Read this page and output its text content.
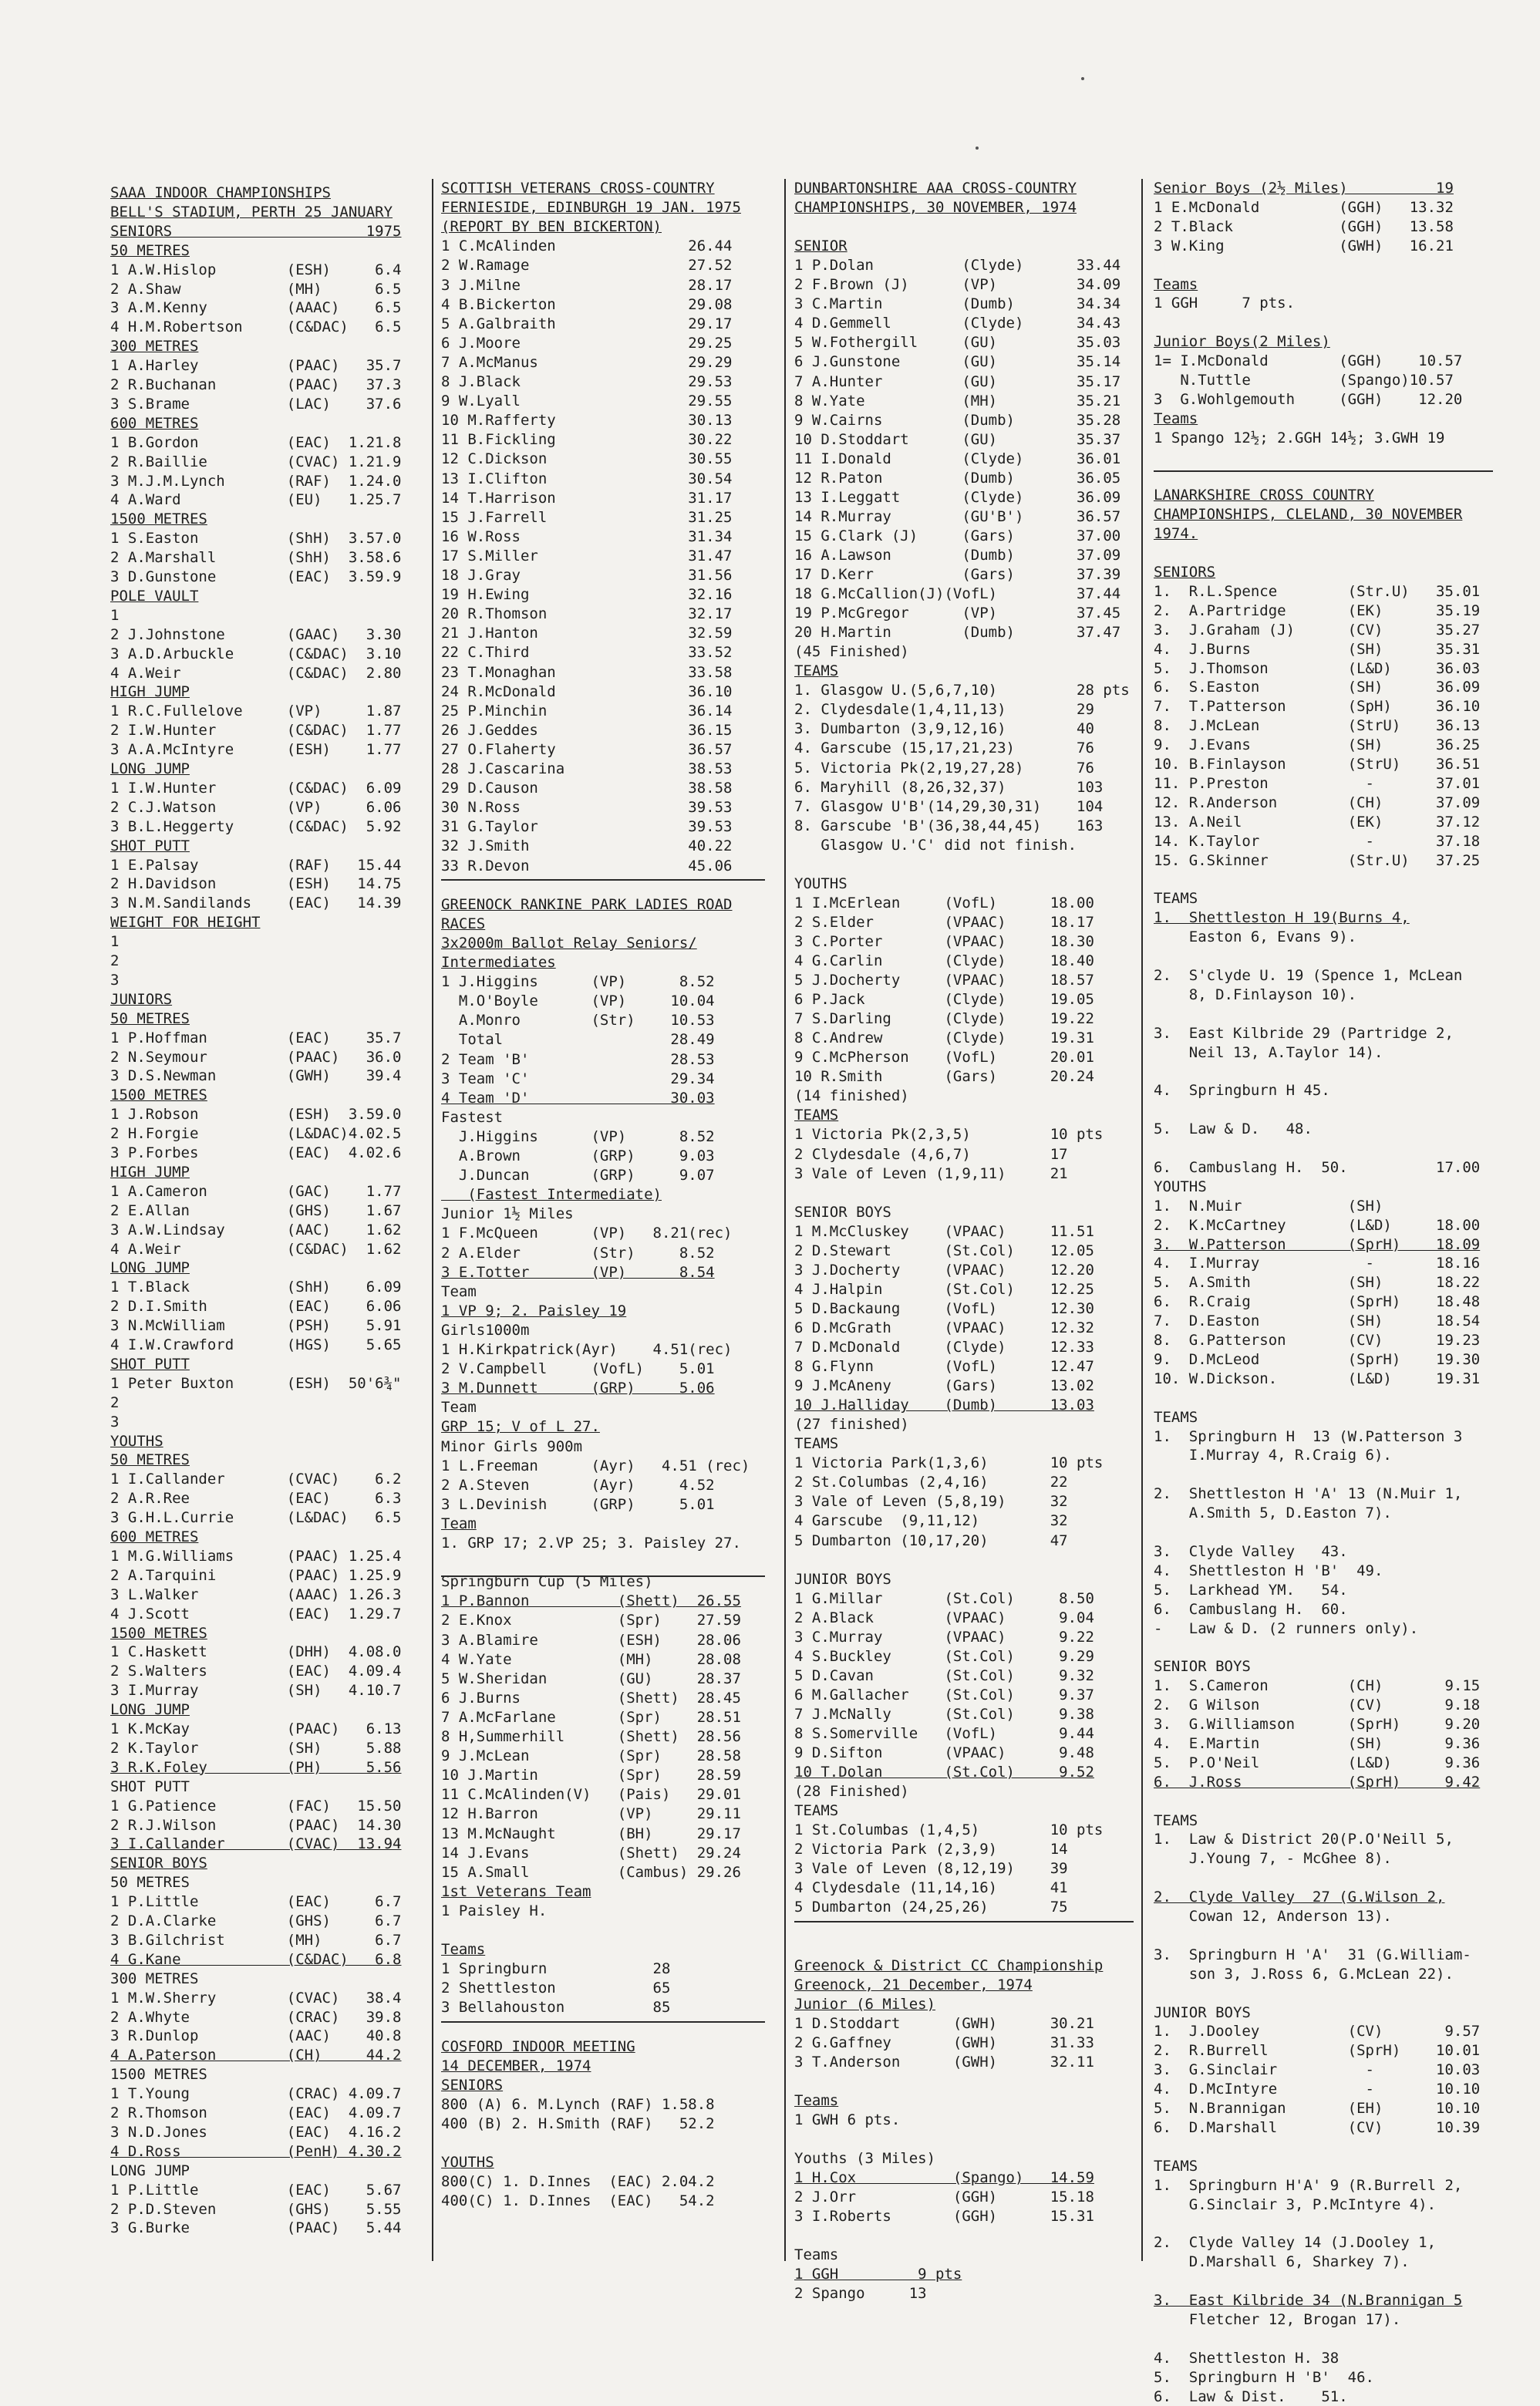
SAAA INDOOR CHAMPIONSHIPS
BELL'S STADIUM, PERTH 25 JANUARY
SENIORS                      1975
50 METRES
1 A.W.Hislop        (ESH)     6.4
2 A.Shaw            (MH)      6.5
3 A.M.Kenny         (AAAC)    6.5
4 H.M.Robertson     (C&DAC)   6.5
300 METRES
1 A.Harley          (PAAC)   35.7
2 R.Buchanan        (PAAC)   37.3
3 S.Brame           (LAC)    37.6
600 METRES
1 B.Gordon          (EAC)  1.21.8
2 R.Baillie         (CVAC) 1.21.9
3 M.J.M.Lynch       (RAF)  1.24.0
4 A.Ward            (EU)   1.25.7
1500 METRES
1 S.Easton          (ShH)  3.57.0
2 A.Marshall        (ShH)  3.58.6
3 D.Gunstone        (EAC)  3.59.9
POLE VAULT
1
2 J.Johnstone       (GAAC)   3.30
3 A.D.Arbuckle      (C&DAC)  3.10
4 A.Weir            (C&DAC)  2.80
HIGH JUMP
1 R.C.Fullelove     (VP)     1.87
2 I.W.Hunter        (C&DAC)  1.77
3 A.A.McIntyre      (ESH)    1.77
LONG JUMP
1 I.W.Hunter        (C&DAC)  6.09
2 C.J.Watson        (VP)     6.06
3 B.L.Heggerty      (C&DAC)  5.92
SHOT PUTT
1 E.Palsay          (RAF)   15.44
2 H.Davidson        (ESH)   14.75
3 N.M.Sandilands    (EAC)   14.39
WEIGHT FOR HEIGHT
1
2
3
JUNIORS
50 METRES
1 P.Hoffman         (EAC)    35.7
2 N.Seymour         (PAAC)   36.0
3 D.S.Newman        (GWH)    39.4
1500 METRES
1 J.Robson          (ESH)  3.59.0
2 H.Forgie          (L&DAC)4.02.5
3 P.Forbes          (EAC)  4.02.6
HIGH JUMP
1 A.Cameron         (GAC)    1.77
2 E.Allan           (GHS)    1.67
3 A.W.Lindsay       (AAC)    1.62
4 A.Weir            (C&DAC)  1.62
LONG JUMP
1 T.Black           (ShH)    6.09
2 D.I.Smith         (EAC)    6.06
3 N.McWilliam       (PSH)    5.91
4 I.W.Crawford      (HGS)    5.65
SHOT PUTT
1 Peter Buxton      (ESH)  50'6¾"
2
3
YOUTHS
50 METRES
1 I.Callander       (CVAC)    6.2
2 A.R.Ree           (EAC)     6.3
3 G.H.L.Currie      (L&DAC)   6.5
600 METRES
1 M.G.Williams      (PAAC) 1.25.4
2 A.Tarquini        (PAAC) 1.25.9
3 L.Walker          (AAAC) 1.26.3
4 J.Scott           (EAC)  1.29.7
1500 METRES
1 C.Haskett         (DHH)  4.08.0
2 S.Walters         (EAC)  4.09.4
3 I.Murray          (SH)   4.10.7
LONG JUMP
1 K.McKay           (PAAC)   6.13
2 K.Taylor          (SH)     5.88
3 R.K.Foley         (PH)     5.56
SHOT PUTT
1 G.Patience        (FAC)   15.50
2 R.J.Wilson        (PAAC)  14.30
3 I.Callander       (CVAC)  13.94
SENIOR BOYS
50 METRES
1 P.Little          (EAC)     6.7
2 D.A.Clarke        (GHS)     6.7
3 B.Gilchrist       (MH)      6.7
4 G.Kane            (C&DAC)   6.8
300 METRES
1 M.W.Sherry        (CVAC)   38.4
2 A.Whyte           (CRAC)   39.8
3 R.Dunlop          (AAC)    40.8
4 A.Paterson        (CH)     44.2
1500 METRES
1 T.Young           (CRAC) 4.09.7
2 R.Thomson         (EAC)  4.09.7
3 N.D.Jones         (EAC)  4.16.2
4 D.Ross            (PenH) 4.30.2
LONG JUMP
1 P.Little          (EAC)    5.67
2 P.D.Steven        (GHS)    5.55
3 G.Burke           (PAAC)   5.44
SCOTTISH VETERANS CROSS-COUNTRY
FERNIESIDE, EDINBURGH 19 JAN. 1975
(REPORT BY BEN BICKERTON)
1 C.McAlinden               26.44
2 W.Ramage                  27.52
3 J.Milne                   28.17
4 B.Bickerton               29.08
5 A.Galbraith               29.17
6 J.Moore                   29.25
7 A.McManus                 29.29
8 J.Black                   29.53
9 W.Lyall                   29.55
10 M.Rafferty               30.13
11 B.Fickling               30.22
12 C.Dickson                30.55
13 I.Clifton                30.54
14 T.Harrison               31.17
15 J.Farrell                31.25
16 W.Ross                   31.34
17 S.Miller                 31.47
18 J.Gray                   31.56
19 H.Ewing                  32.16
20 R.Thomson                32.17
21 J.Hanton                 32.59
22 C.Third                  33.52
23 T.Monaghan               33.58
24 R.McDonald               36.10
25 P.Minchin                36.14
26 J.Geddes                 36.15
27 O.Flaherty               36.57
28 J.Cascarina              38.53
29 D.Causon                 38.58
30 N.Ross                   39.53
31 G.Taylor                 39.53
32 J.Smith                  40.22
33 R.Devon                  45.06
GREENOCK RANKINE PARK LADIES ROAD
RACES
3x2000m Ballot Relay Seniors/
Intermediates
1 J.Higgins      (VP)      8.52
M.O'Boyle      (VP)     10.04
A.Monro        (Str)    10.53
Total                   28.49
2 Team 'B'                28.53
3 Team 'C'                29.34
4 Team 'D'                30.03
Fastest
J.Higgins      (VP)      8.52
A.Brown        (GRP)     9.03
J.Duncan       (GRP)     9.07
(Fastest Intermediate)
Junior 1½ Miles
1 F.McQueen      (VP)   8.21(rec)
2 A.Elder        (Str)     8.52
3 E.Totter       (VP)      8.54
Team
1 VP 9; 2. Paisley 19
Girls1000m
1 H.Kirkpatrick(Ayr)    4.51(rec)
2 V.Campbell     (VofL)    5.01
3 M.Dunnett      (GRP)     5.06
Team
GRP 15; V of L 27.
Minor Girls 900m
1 L.Freeman      (Ayr)   4.51 (rec)
2 A.Steven       (Ayr)     4.52
3 L.Devinish     (GRP)     5.01
Team
1. GRP 17; 2.VP 25; 3. Paisley 27.
Springburn Cup (5 Miles)
1 P.Bannon          (Shett)  26.55
2 E.Knox            (Spr)    27.59
3 A.Blamire         (ESH)    28.06
4 W.Yate            (MH)     28.08
5 W.Sheridan        (GU)     28.37
6 J.Burns           (Shett)  28.45
7 A.McFarlane       (Spr)    28.51
8 H,Summerhill      (Shett)  28.56
9 J.McLean          (Spr)    28.58
10 J.Martin         (Spr)    28.59
11 C.McAlinden(V)   (Pais)   29.01
12 H.Barron         (VP)     29.11
13 M.McNaught       (BH)     29.17
14 J.Evans          (Shett)  29.24
15 A.Small          (Cambus) 29.26
1st Veterans Team
1 Paisley H.
Teams
1 Springburn            28
2 Shettleston           65
3 Bellahouston          85
COSFORD INDOOR MEETING
14 DECEMBER, 1974
SENIORS
800 (A) 6. M.Lynch (RAF) 1.58.8
400 (B) 2. H.Smith (RAF)   52.2
YOUTHS
800(C) 1. D.Innes  (EAC) 2.04.2
400(C) 1. D.Innes  (EAC)   54.2
DUNBARTONSHIRE AAA CROSS-COUNTRY
CHAMPIONSHIPS, 30 NOVEMBER, 1974
SENIOR
1 P.Dolan          (Clyde)      33.44
2 F.Brown (J)      (VP)         34.09
3 C.Martin         (Dumb)       34.34
4 D.Gemmell        (Clyde)      34.43
5 W.Fothergill     (GU)         35.03
6 J.Gunstone       (GU)         35.14
7 A.Hunter         (GU)         35.17
8 W.Yate           (MH)         35.21
9 W.Cairns         (Dumb)       35.28
10 D.Stoddart      (GU)         35.37
11 I.Donald        (Clyde)      36.01
12 R.Paton         (Dumb)       36.05
13 I.Leggatt       (Clyde)      36.09
14 R.Murray        (GU'B')      36.57
15 G.Clark (J)     (Gars)       37.00
16 A.Lawson        (Dumb)       37.09
17 D.Kerr          (Gars)       37.39
18 G.McCallion(J)(VofL)         37.44
19 P.McGregor      (VP)         37.45
20 H.Martin        (Dumb)       37.47
(45 Finished)
TEAMS
1. Glasgow U.(5,6,7,10)         28 pts
2. Clydesdale(1,4,11,13)        29
3. Dumbarton (3,9,12,16)        40
4. Garscube (15,17,21,23)       76
5. Victoria Pk(2,19,27,28)      76
6. Maryhill (8,26,32,37)        103
7. Glasgow U'B'(14,29,30,31)    104
8. Garscube 'B'(36,38,44,45)    163
Glasgow U.'C' did not finish.
YOUTHS
1 I.McErlean     (VofL)      18.00
2 S.Elder        (VPAAC)     18.17
3 C.Porter       (VPAAC)     18.30
4 G.Carlin       (Clyde)     18.40
5 J.Docherty     (VPAAC)     18.57
6 P.Jack         (Clyde)     19.05
7 S.Darling      (Clyde)     19.22
8 C.Andrew       (Clyde)     19.31
9 C.McPherson    (VofL)      20.01
10 R.Smith       (Gars)      20.24
(14 finished)
TEAMS
1 Victoria Pk(2,3,5)         10 pts
2 Clydesdale (4,6,7)         17
3 Vale of Leven (1,9,11)     21
SENIOR BOYS
1 M.McCluskey    (VPAAC)     11.51
2 D.Stewart      (St.Col)    12.05
3 J.Docherty     (VPAAC)     12.20
4 J.Halpin       (St.Col)    12.25
5 D.Backaung     (VofL)      12.30
6 D.McGrath      (VPAAC)     12.32
7 D.McDonald     (Clyde)     12.33
8 G.Flynn        (VofL)      12.47
9 J.McAneny      (Gars)      13.02
10 J.Halliday    (Dumb)      13.03
(27 finished)
TEAMS
1 Victoria Park(1,3,6)       10 pts
2 St.Columbas (2,4,16)       22
3 Vale of Leven (5,8,19)     32
4 Garscube  (9,11,12)        32
5 Dumbarton (10,17,20)       47
JUNIOR BOYS
1 G.Millar       (St.Col)     8.50
2 A.Black        (VPAAC)      9.04
3 C.Murray       (VPAAC)      9.22
4 S.Buckley      (St.Col)     9.29
5 D.Cavan        (St.Col)     9.32
6 M.Gallacher    (St.Col)     9.37
7 J.McNally      (St.Col)     9.38
8 S.Somerville   (VofL)       9.44
9 D.Sifton       (VPAAC)      9.48
10 T.Dolan       (St.Col)     9.52
(28 Finished)
TEAMS
1 St.Columbas (1,4,5)        10 pts
2 Victoria Park (2,3,9)      14
3 Vale of Leven (8,12,19)    39
4 Clydesdale (11,14,16)      41
5 Dumbarton (24,25,26)       75
Greenock & District CC Championship
Greenock, 21 December, 1974
Junior (6 Miles)
1 D.Stoddart      (GWH)      30.21
2 G.Gaffney       (GWH)      31.33
3 T.Anderson      (GWH)      32.11
Teams
1 GWH 6 pts.
Youths (3 Miles)
1 H.Cox           (Spango)   14.59
2 J.Orr           (GGH)      15.18
3 I.Roberts       (GGH)      15.31
Teams
1 GGH         9 pts
2 Spango     13
Senior Boys (2½ Miles)          19
1 E.McDonald         (GGH)   13.32
2 T.Black            (GGH)   13.58
3 W.King             (GWH)   16.21
Teams
1 GGH     7 pts.
Junior Boys(2 Miles)
1= I.McDonald        (GGH)    10.57
N.Tuttle          (Spango)10.57
3  G.Wohlgemouth     (GGH)    12.20
Teams
1 Spango 12½; 2.GGH 14½; 3.GWH 19
LANARKSHIRE CROSS COUNTRY
CHAMPIONSHIPS, CLELAND, 30 NOVEMBER
1974.
SENIORS
1.  R.L.Spence        (Str.U)   35.01
2.  A.Partridge       (EK)      35.19
3.  J.Graham (J)      (CV)      35.27
4.  J.Burns           (SH)      35.31
5.  J.Thomson         (L&D)     36.03
6.  S.Easton          (SH)      36.09
7.  T.Patterson       (SpH)     36.10
8.  J.McLean          (StrU)    36.13
9.  J.Evans           (SH)      36.25
10. B.Finlayson       (StrU)    36.51
11. P.Preston           -       37.01
12. R.Anderson        (CH)      37.09
13. A.Neil            (EK)      37.12
14. K.Taylor            -       37.18
15. G.Skinner         (Str.U)   37.25
TEAMS
1.  Shettleston H 19(Burns 4,
Easton 6, Evans 9).
2.  S'clyde U. 19 (Spence 1, McLean
8, D.Finlayson 10).
3.  East Kilbride 29 (Partridge 2,
Neil 13, A.Taylor 14).
4.  Springburn H 45.
5.  Law & D.   48.
6.  Cambuslang H.  50.          17.00
YOUTHS
1.  N.Muir            (SH)
2.  K.McCartney       (L&D)     18.00
3.  W.Patterson       (SprH)    18.09
4.  I.Murray            -       18.16
5.  A.Smith           (SH)      18.22
6.  R.Craig           (SprH)    18.48
7.  D.Easton          (SH)      18.54
8.  G.Patterson       (CV)      19.23
9.  D.McLeod          (SprH)    19.30
10. W.Dickson.        (L&D)     19.31
TEAMS
1.  Springburn H  13 (W.Patterson 3
I.Murray 4, R.Craig 6).
2.  Shettleston H 'A' 13 (N.Muir 1,
A.Smith 5, D.Easton 7).
3.  Clyde Valley   43.
4.  Shettleston H 'B'  49.
5.  Larkhead YM.   54.
6.  Cambuslang H.  60.
-   Law & D. (2 runners only).
SENIOR BOYS
1.  S.Cameron         (CH)       9.15
2.  G Wilson          (CV)       9.18
3.  G.Williamson      (SprH)     9.20
4.  E.Martin          (SH)       9.36
5.  P.O'Neil          (L&D)      9.36
6.  J.Ross            (SprH)     9.42
TEAMS
1.  Law & District 20(P.O'Neill 5,
J.Young 7, - McGhee 8).
2.  Clyde Valley  27 (G.Wilson 2,
Cowan 12, Anderson 13).
3.  Springburn H 'A'  31 (G.William-
son 3, J.Ross 6, G.McLean 22).
JUNIOR BOYS
1.  J.Dooley          (CV)       9.57
2.  R.Burrell         (SprH)    10.01
3.  G.Sinclair          -       10.03
4.  D.McIntyre          -       10.10
5.  N.Brannigan       (EH)      10.10
6.  D.Marshall        (CV)      10.39
TEAMS
1.  Springburn H'A' 9 (R.Burrell 2,
G.Sinclair 3, P.McIntyre 4).
2.  Clyde Valley 14 (J.Dooley 1,
D.Marshall 6, Sharkey 7).
3.  East Kilbride 34 (N.Brannigan 5
Fletcher 12, Brogan 17).
4.  Shettleston H. 38
5.  Springburn H 'B'  46.
6.  Law & Dist.    51.
